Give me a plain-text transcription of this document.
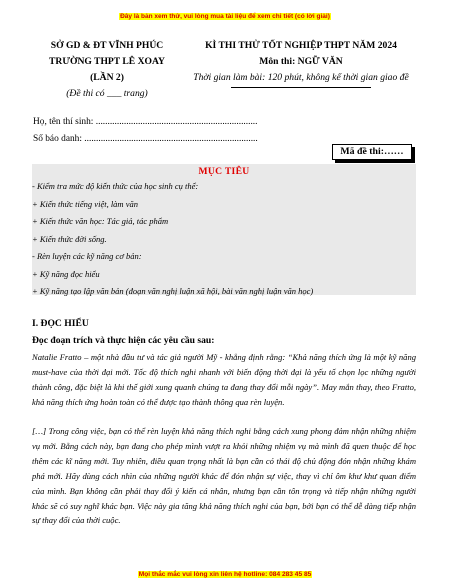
Đây là bản xem thử, vui lòng mua tài liệu để xem chi tiết (có lời giải)
SỞ GD & ĐT VĨNH PHÚC
TRƯỜNG THPT LÊ XOAY
(LẦN 2)
(Đề thi có ___ trang)
KÌ THI THỬ TỐT NGHIỆP THPT NĂM 2024
Môn thi: NGỮ VĂN
Thời gian làm bài: 120 phút, không kể thời gian giao đề
Họ, tên thí sinh: .....................................................................
Số báo danh: ..........................................................................
Mã đề thi:……
MỤC TIÊU
- Kiểm tra mức độ kiến thức của học sinh cụ thể:
+ Kiến thức tiếng việt, làm văn
+ Kiến thức văn học: Tác giả, tác phẩm
+ Kiến thức đời sống.
- Rèn luyện các kỹ năng cơ bản:
+ Kỹ năng đọc hiểu
+ Kỹ năng tạo lập văn bản (đoạn văn nghị luận xã hội, bài văn nghị luận văn học)
I. ĐỌC HIỂU
Đọc đoạn trích và thực hiện các yêu cầu sau:
Natalie Fratto – một nhà đầu tư và tác giả người Mỹ - khẳng định rằng: “Khả năng thích ứng là một kỹ năng must-have của thời đại mới. Tốc độ thích nghi nhanh với biến động thời đại là yếu tố chọn lọc những người thành công, đặc biệt là khi thế giới xung quanh chúng ta đang thay đổi mỗi ngày”. May mắn thay, theo Fratto, khả năng thích ứng hoàn toàn có thể được tạo thành thông qua rèn luyện.
[…] Trong công việc, bạn có thể rèn luyện khả năng thích nghi bằng cách xung phong đảm nhận những nhiệm vụ mới. Bằng cách này, bạn đang cho phép mình vượt ra khỏi những nhiệm vụ mà mình đã quen thuộc để học thêm các kĩ năng mới. Tuy nhiên, điều quan trọng nhất là bạn cần có thái độ chủ động đón nhận những khám phá mới. Hãy dùng cách nhìn của những người khác để đón nhận sự việc, thay vì chỉ ôm khư khư quan điểm của mình. Bạn không cần phải thay đổi ý kiến cá nhân, nhưng bạn cần tôn trọng và tiếp nhận những người khác sẽ có suy nghĩ khác bạn. Việc này gia tăng khả năng thích nghi của bạn, bởi bạn có thể dễ dàng tiếp nhận sự thay đổi của thời cuộc.
Mọi thắc mắc vui lòng xin liên hệ hotline: 084 283 45 85
